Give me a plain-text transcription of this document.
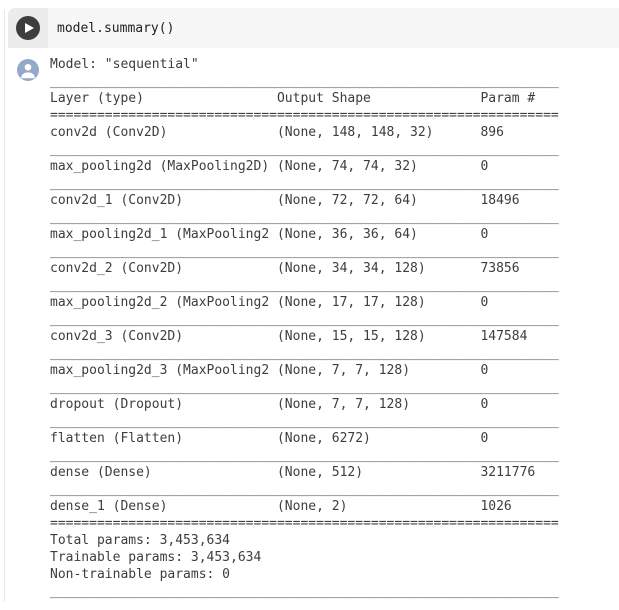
model.summary()
Model: "sequential"
_________________________________________________________________
Layer (type)	Output Shape	Param #
=================================================================
conv2d (Conv2D)	(None, 148, 148, 32)	896
_________________________________________________________________
max_pooling2d (MaxPooling2D) (None, 74, 74, 32)	0
_________________________________________________________________
conv2d_1 (Conv2D)	(None, 72, 72, 64)	18496
_________________________________________________________________
max_pooling2d_1 (MaxPooling2 (None, 36, 36, 64)	0
_________________________________________________________________
conv2d_2 (Conv2D)	(None, 34, 34, 128)	73856
_________________________________________________________________
max_pooling2d_2 (MaxPooling2 (None, 17, 17, 128)	0
_________________________________________________________________
conv2d_3 (Conv2D)	(None, 15, 15, 128)	147584
_________________________________________________________________
max_pooling2d_3 (MaxPooling2 (None, 7, 7, 128)	0
_________________________________________________________________
dropout (Dropout)	(None, 7, 7, 128)	0
_________________________________________________________________
flatten (Flatten)	(None, 6272)	0
_________________________________________________________________
dense (Dense)	(None, 512)	3211776
_________________________________________________________________
dense_1 (Dense)	(None, 2)	1026
=================================================================
Total params: 3,453,634
Trainable params: 3,453,634
Non-trainable params: 0
_________________________________________________________________
